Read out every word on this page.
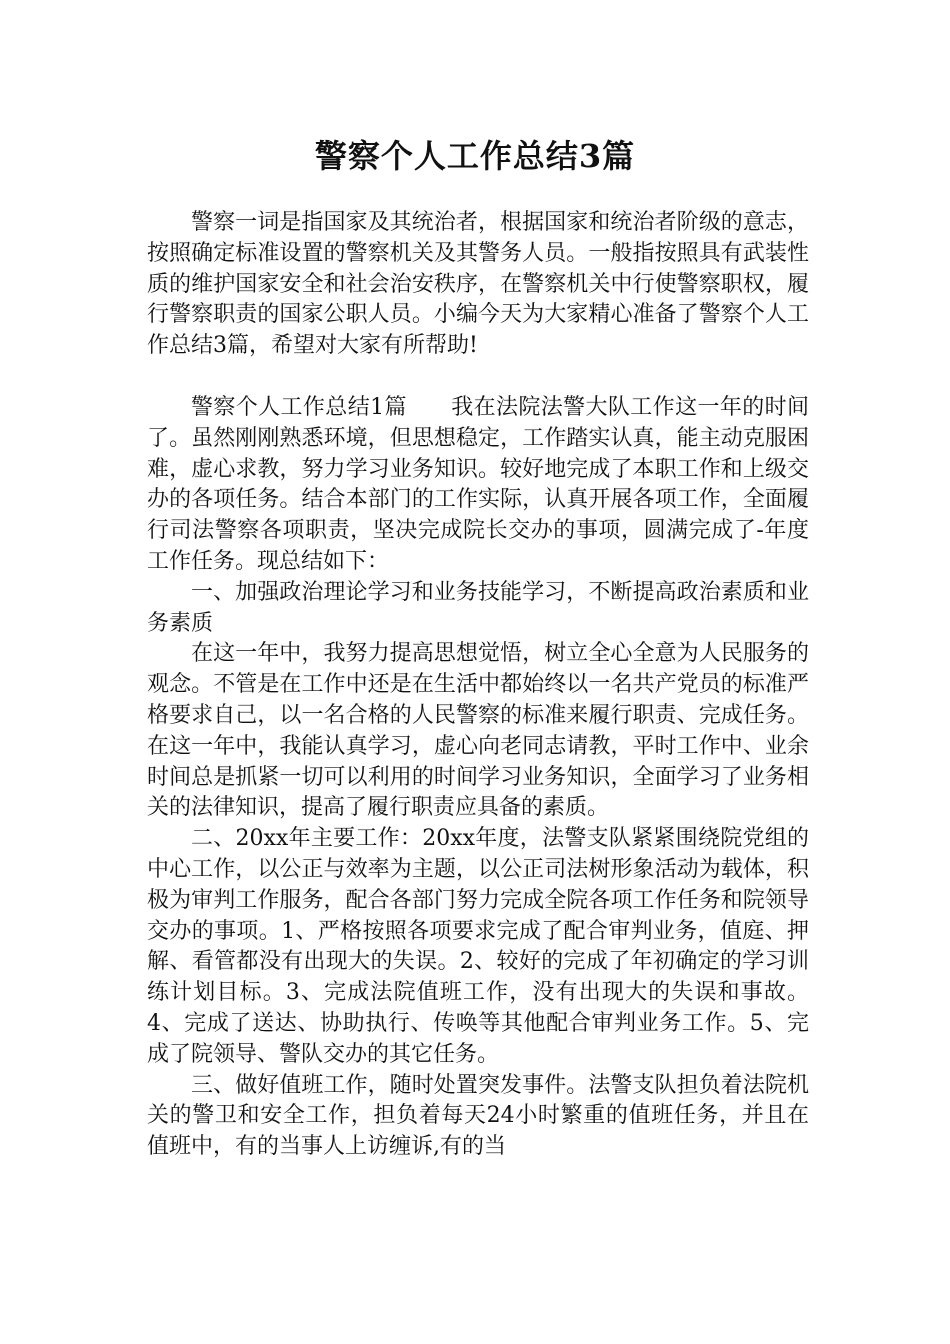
警察个人工作总结3篇

警察一词是指国家及其统治者，根据国家和统治者阶级的意志，按照确定标准设置的警察机关及其警务人员。一般指按照具有武装性质的维护国家安全和社会治安秩序，在警察机关中行使警察职权，履行警察职责的国家公职人员。小编今天为大家精心准备了警察个人工作总结3篇，希望对大家有所帮助!

警察个人工作总结1篇 我在法院法警大队工作这一年的时间了。虽然刚刚熟悉环境，但思想稳定，工作踏实认真，能主动克服困难，虚心求教，努力学习业务知识。较好地完成了本职工作和上级交办的各项任务。结合本部门的工作实际，认真开展各项工作，全面履行司法警察各项职责，坚决完成院长交办的事项，圆满完成了-年度工作任务。现总结如下：

一、加强政治理论学习和业务技能学习，不断提高政治素质和业务素质

在这一年中，我努力提高思想觉悟，树立全心全意为人民服务的观念。不管是在工作中还是在生活中都始终以一名共产党员的标准严格要求自己，以一名合格的人民警察的标准来履行职责、完成任务。在这一年中，我能认真学习，虚心向老同志请教，平时工作中、业余时间总是抓紧一切可以利用的时间学习业务知识，全面学习了业务相关的法律知识，提高了履行职责应具备的素质。

二、20xx年主要工作：20xx年度，法警支队紧紧围绕院党组的中心工作，以公正与效率为主题，以公正司法树形象活动为载体，积极为审判工作服务，配合各部门努力完成全院各项工作任务和院领导交办的事项。1、严格按照各项要求完成了配合审判业务，值庭、押解、看管都没有出现大的失误。2、较好的完成了年初确定的学习训练计划目标。3、完成法院值班工作，没有出现大的失误和事故。4、完成了送达、协助执行、传唤等其他配合审判业务工作。5、完成了院领导、警队交办的其它任务。

三、做好值班工作，随时处置突发事件。法警支队担负着法院机关的警卫和安全工作，担负着每天24小时繁重的值班任务，并且在值班中，有的当事人上访缠诉,有的当
